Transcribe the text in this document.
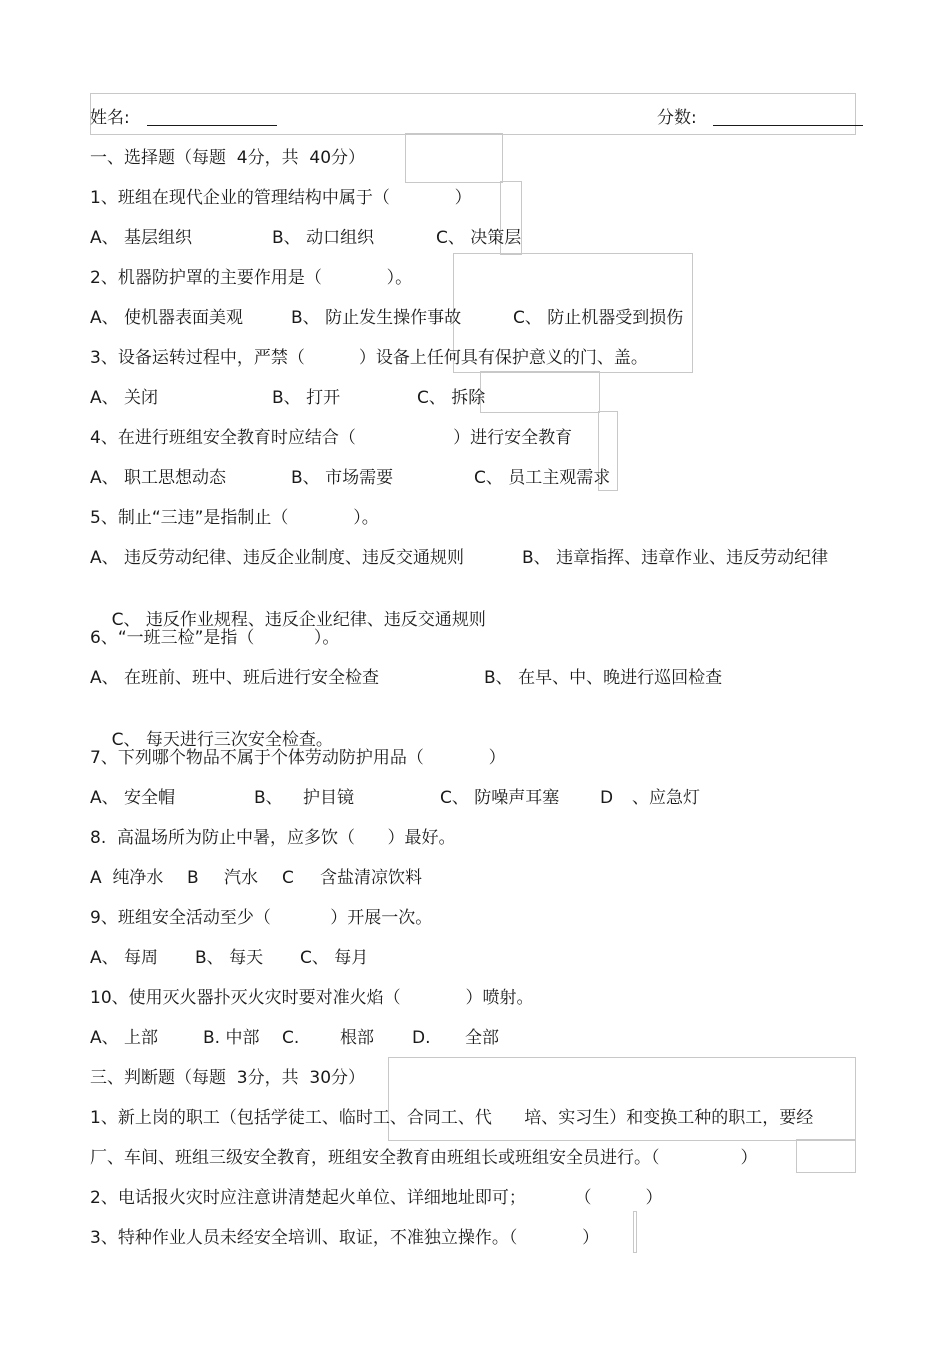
姓名:

	分数:

一、选择题（每题  4分，共  40分）
1、班组在现代企业的管理结构中属于（            ）

A、 基层组织

	B、 动口组织

	C、 决策层

2、机器防护罩的主要作用是（            ）。

A、 使机器表面美观

	B、 防止发生操作事故

	C、 防止机器受到损伤

3、设备运转过程中，严禁（          ）设备上任何具有保护意义的门、盖。

A、 关闭

	B、 打开

	C、 拆除

4、在进行班组安全教育时应结合（                  ）进行安全教育

A、 职工思想动态

	B、 市场需要

	C、 员工主观需求

5、制止“三违”是指制止（            ）。

A、 违反劳动纪律、违反企业制度、违反交通规则

	B、 违章指挥、违章作业、违反劳动纪律

C、 违反作业规程、违反企业纪律、违反交通规则

6、“一班三检”是指（           ）。

A、 在班前、班中、班后进行安全检查

	B、 在早、中、晚进行巡回检查

C、 每天进行三次安全检查。

7、下列哪个物品不属于个体劳动防护用品（            ）

A、 安全帽

	B、

护目镜

	C、 防噪声耳塞

D

、应急灯

8.  高温场所为防止中暑，应多饮（      ）最好。

A  纯净水

B

汽水

C

含盐清凉饮料

9、班组安全活动至少（           ）开展一次。

A、 每周

B、 每天

C、 每月

10、使用灭火器扑灭火灾时要对准火焰（            ）喷射。

A、 上部

	B. 中部

C.

根部

D.

全部

三、判断题（每题  3分，共  30分）
1、新上岗的职工（包括学徒工、临时工、合同工、代      培、实习生）和变换工种的职工，要经
厂、车间、班组三级安全教育，班组安全教育由班组长或班组安全员进行。（               ）
2、电话报火灾时应注意讲清楚起火单位、详细地址即可；         （          ）
3、特种作业人员未经安全培训、取证，不准独立操作。（            ）
